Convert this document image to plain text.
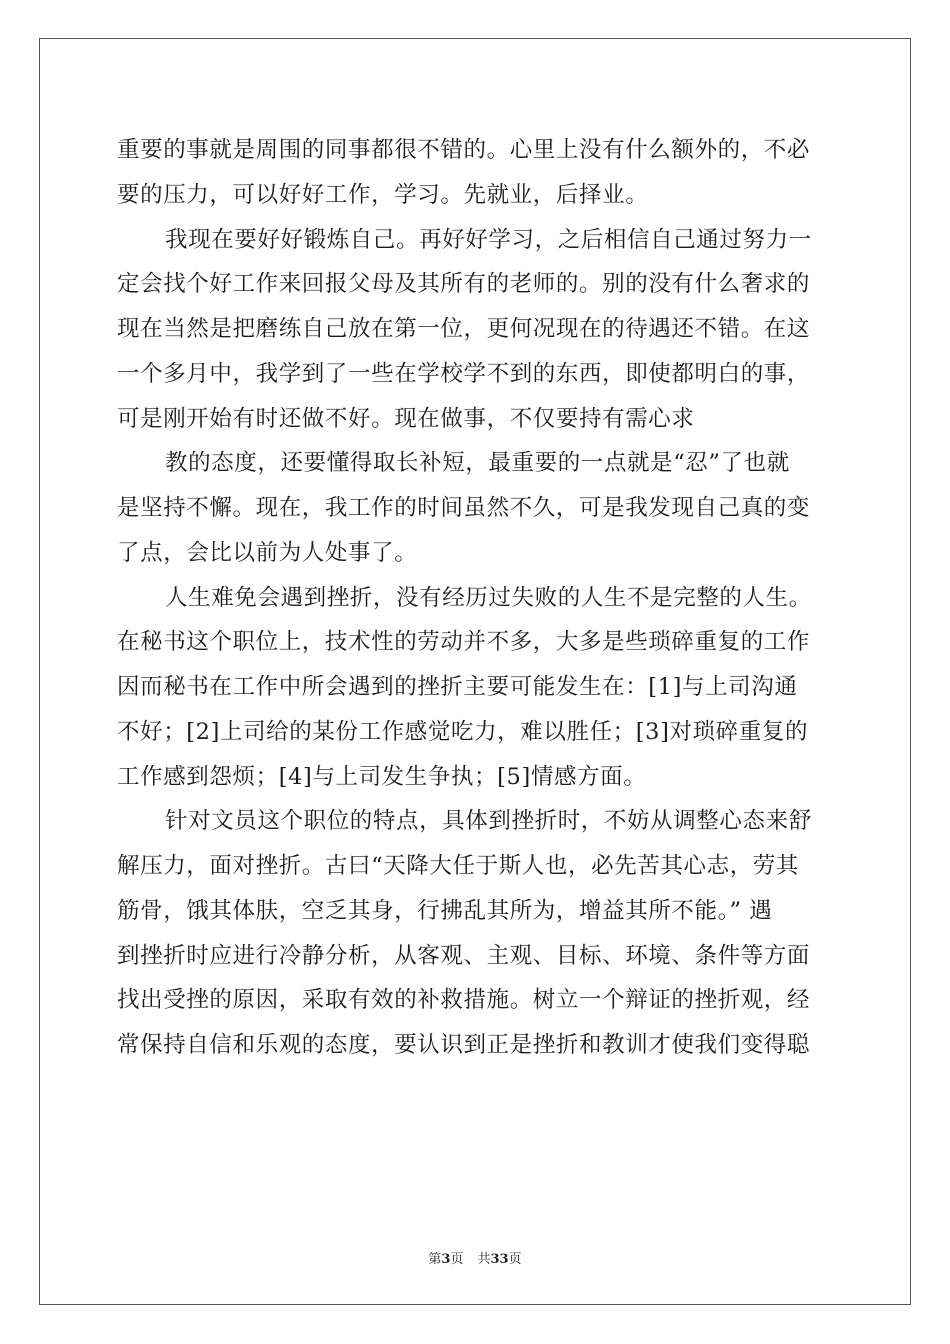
重要的事就是周围的同事都很不错的。心里上没有什么额外的，不必
要的压力，可以好好工作，学习。先就业，后择业。
我现在要好好锻炼自己。再好好学习，之后相信自己通过努力一
定会找个好工作来回报父母及其所有的老师的。别的没有什么奢求的
现在当然是把磨练自己放在第一位，更何况现在的待遇还不错。在这
一个多月中，我学到了一些在学校学不到的东西，即使都明白的事，
可是刚开始有时还做不好。现在做事，不仅要持有需心求
教的态度，还要懂得取长补短，最重要的一点就是“忍”了也就
是坚持不懈。现在，我工作的时间虽然不久，可是我发现自己真的变
了点，会比以前为人处事了。
人生难免会遇到挫折，没有经历过失败的人生不是完整的人生。
在秘书这个职位上，技术性的劳动并不多，大多是些琐碎重复的工作
因而秘书在工作中所会遇到的挫折主要可能发生在：[1]与上司沟通
不好；[2]上司给的某份工作感觉吃力，难以胜任；[3]对琐碎重复的
工作感到怨烦；[4]与上司发生争执；[5]情感方面。
针对文员这个职位的特点，具体到挫折时，不妨从调整心态来舒
解压力，面对挫折。古曰“天降大任于斯人也，必先苦其心志，劳其
筋骨，饿其体肤，空乏其身，行拂乱其所为，增益其所不能。” 遇
到挫折时应进行冷静分析，从客观、主观、目标、环境、条件等方面
找出受挫的原因，采取有效的补救措施。树立一个辩证的挫折观，经
常保持自信和乐观的态度，要认识到正是挫折和教训才使我们变得聪
第3页 共33页
